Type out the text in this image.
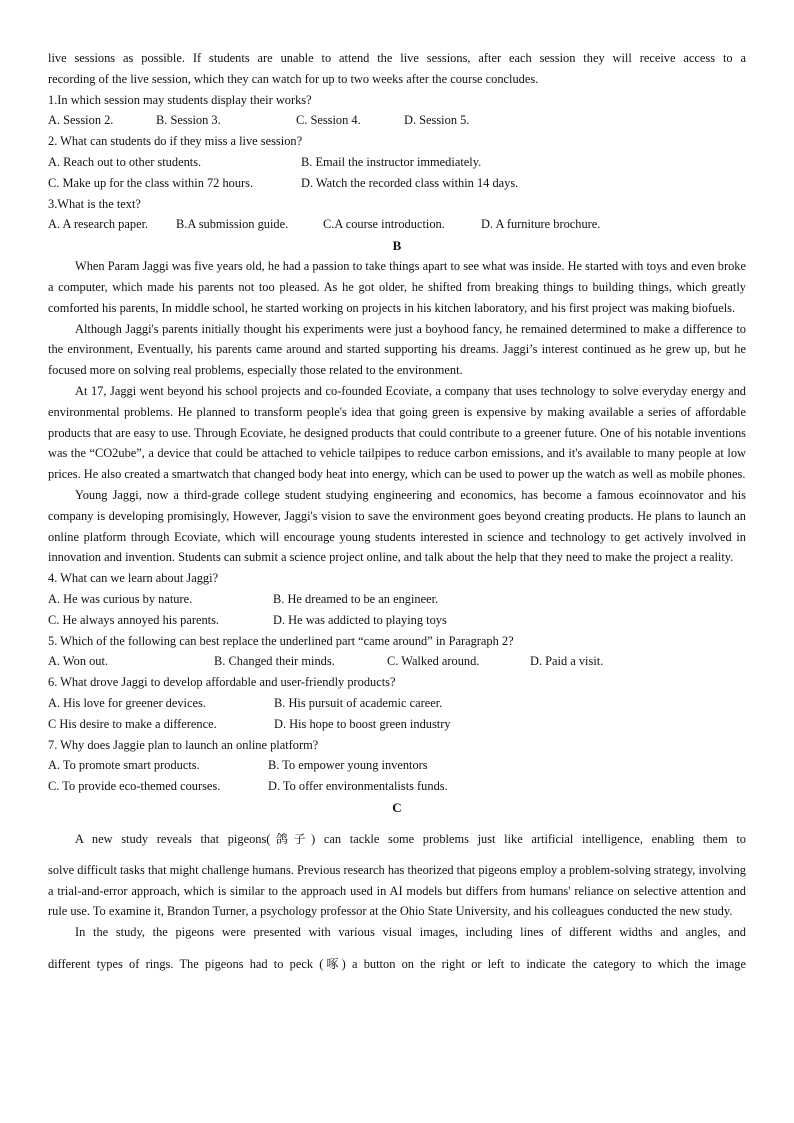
live sessions as possible. If students are unable to attend the live sessions, after each session they will receive access to a
recording of the live session, which they can watch for up to two weeks after the course concludes.
1.In which session may students display their works?
A. Session 2.	B. Session 3.	C. Session 4.	D. Session 5.
2. What can students do if they miss a live session?
A. Reach out to other students.	B. Email the instructor immediately.
C. Make up for the class within 72 hours.	D. Watch the recorded class within 14 days.
3.What is the text?
A. A research paper. B.A submission guide.	C.A course introduction.	D. A furniture brochure.
B

When Param Jaggi was five years old, he had a passion to take things apart to see what was inside. He started with toys and even broke a computer, which made his parents not too pleased. As he got older, he shifted from breaking things to building things, which greatly comforted his parents, In middle school, he started working on projects in his kitchen laboratory, and his first project was making biofuels.

Although Jaggi's parents initially thought his experiments were just a boyhood fancy, he remained determined to make a difference to the environment, Eventually, his parents came around and started supporting his dreams. Jaggi’s interest continued as he grew up, but he focused more on solving real problems, especially those related to the environment.

At 17, Jaggi went beyond his school projects and co-founded Ecoviate, a company that uses technology to solve everyday energy and environmental problems. He planned to transform people's idea that going green is expensive by making available a series of affordable products that are easy to use. Through Ecoviate, he designed products that could contribute to a greener future. One of his notable inventions was the “CO2ube”, a device that could be attached to vehicle tailpipes to reduce carbon emissions, and it's available to many people at low prices. He also created a smartwatch that changed body heat into energy, which can be used to power up the watch as well as mobile phones.

Young Jaggi, now a third-grade college student studying engineering and economics, has become a famous ecoinnovator and his company is developing promisingly, However, Jaggi's vision to save the environment goes beyond creating products. He plans to launch an online platform through Ecoviate, which will encourage young students interested in science and technology to get actively involved in innovation and invention. Students can submit a science project online, and talk about the help that they need to make the project a reality.

4. What can we learn about Jaggi?
A. He was curious by nature.	B. He dreamed to be an engineer.
C. He always annoyed his parents.	D. He was addicted to playing toys
5. Which of the following can best replace the underlined part “came around” in Paragraph 2?
A. Won out.	B. Changed their minds.	C. Walked around.	D. Paid a visit.
6. What drove Jaggi to develop affordable and user-friendly products?
A. His love for greener devices.	B. His pursuit of academic career.
C His desire to make a difference.	D. His hope to boost green industry
7. Why does Jaggie plan to launch an online platform?
A. To promote smart products.	B. To empower young inventors
C. To provide eco-themed courses.	D. To offer environmentalists funds.
C
A new study reveals that pigeons(鸽子) can tackle some problems just like artificial intelligence, enabling them to

solve difficult tasks that might challenge humans. Previous research has theorized that pigeons employ a problem-solving strategy, involving a trial-and-error approach, which is similar to the approach used in AI models but differs from humans' reliance on selective attention and rule use. To examine it, Brandon Turner, a psychology professor at the Ohio State University, and his colleagues conducted the new study.

In the study, the pigeons were presented with various visual images, including lines of different widths and angles, and
different types of rings. The pigeons had to peck (啄) a button on the right or left to indicate the category to which the image
